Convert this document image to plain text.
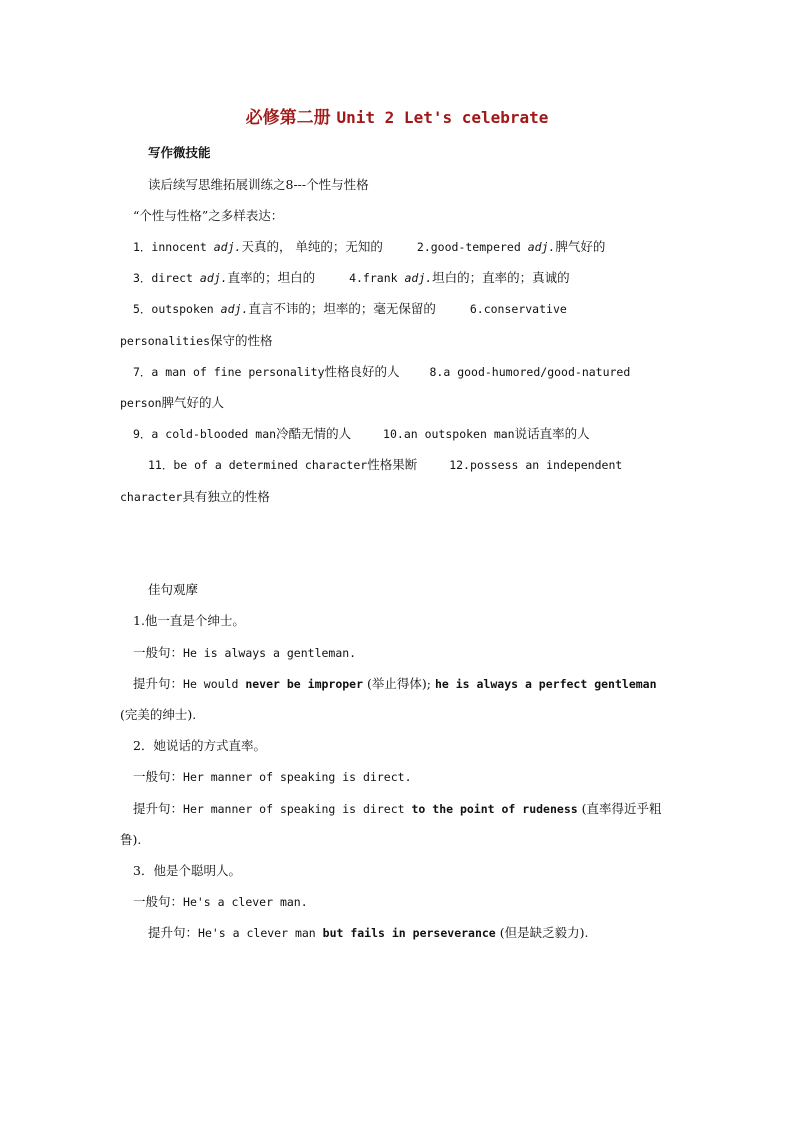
必修第二册 Unit 2 Let's celebrate
写作微技能
读后续写思维拓展训练之8---个性与性格
“个性与性格”之多样表达：
1．innocent adj.天真的， 单纯的；无知的	2.good-tempered adj.脾气好的
3．direct adj.直率的；坦白的	4.frank adj.坦白的；直率的；真诚的
5．outspoken adj.直言不讳的；坦率的；毫无保留的	6.conservative
personalities保守的性格
7．a man of fine personality性格良好的人	8.a good-humored/good-natured
person脾气好的人
9．a cold-blooded man冷酷无情的人	10.an outspoken man说话直率的人
11．be of a determined character性格果断	12.possess an independent
character具有独立的性格
佳句观摩
1.他一直是个绅士。
一般句：He is always a gentleman.
提升句：He would never be improper (举止得体); he is always a perfect gentleman
(完美的绅士).
2．她说话的方式直率。
一般句：Her manner of speaking is direct.
提升句：Her manner of speaking is direct to the point of rudeness (直率得近乎粗
鲁).
3．他是个聪明人。
一般句：He's a clever man.
提升句：He's a clever man but fails in perseverance (但是缺乏毅力).
